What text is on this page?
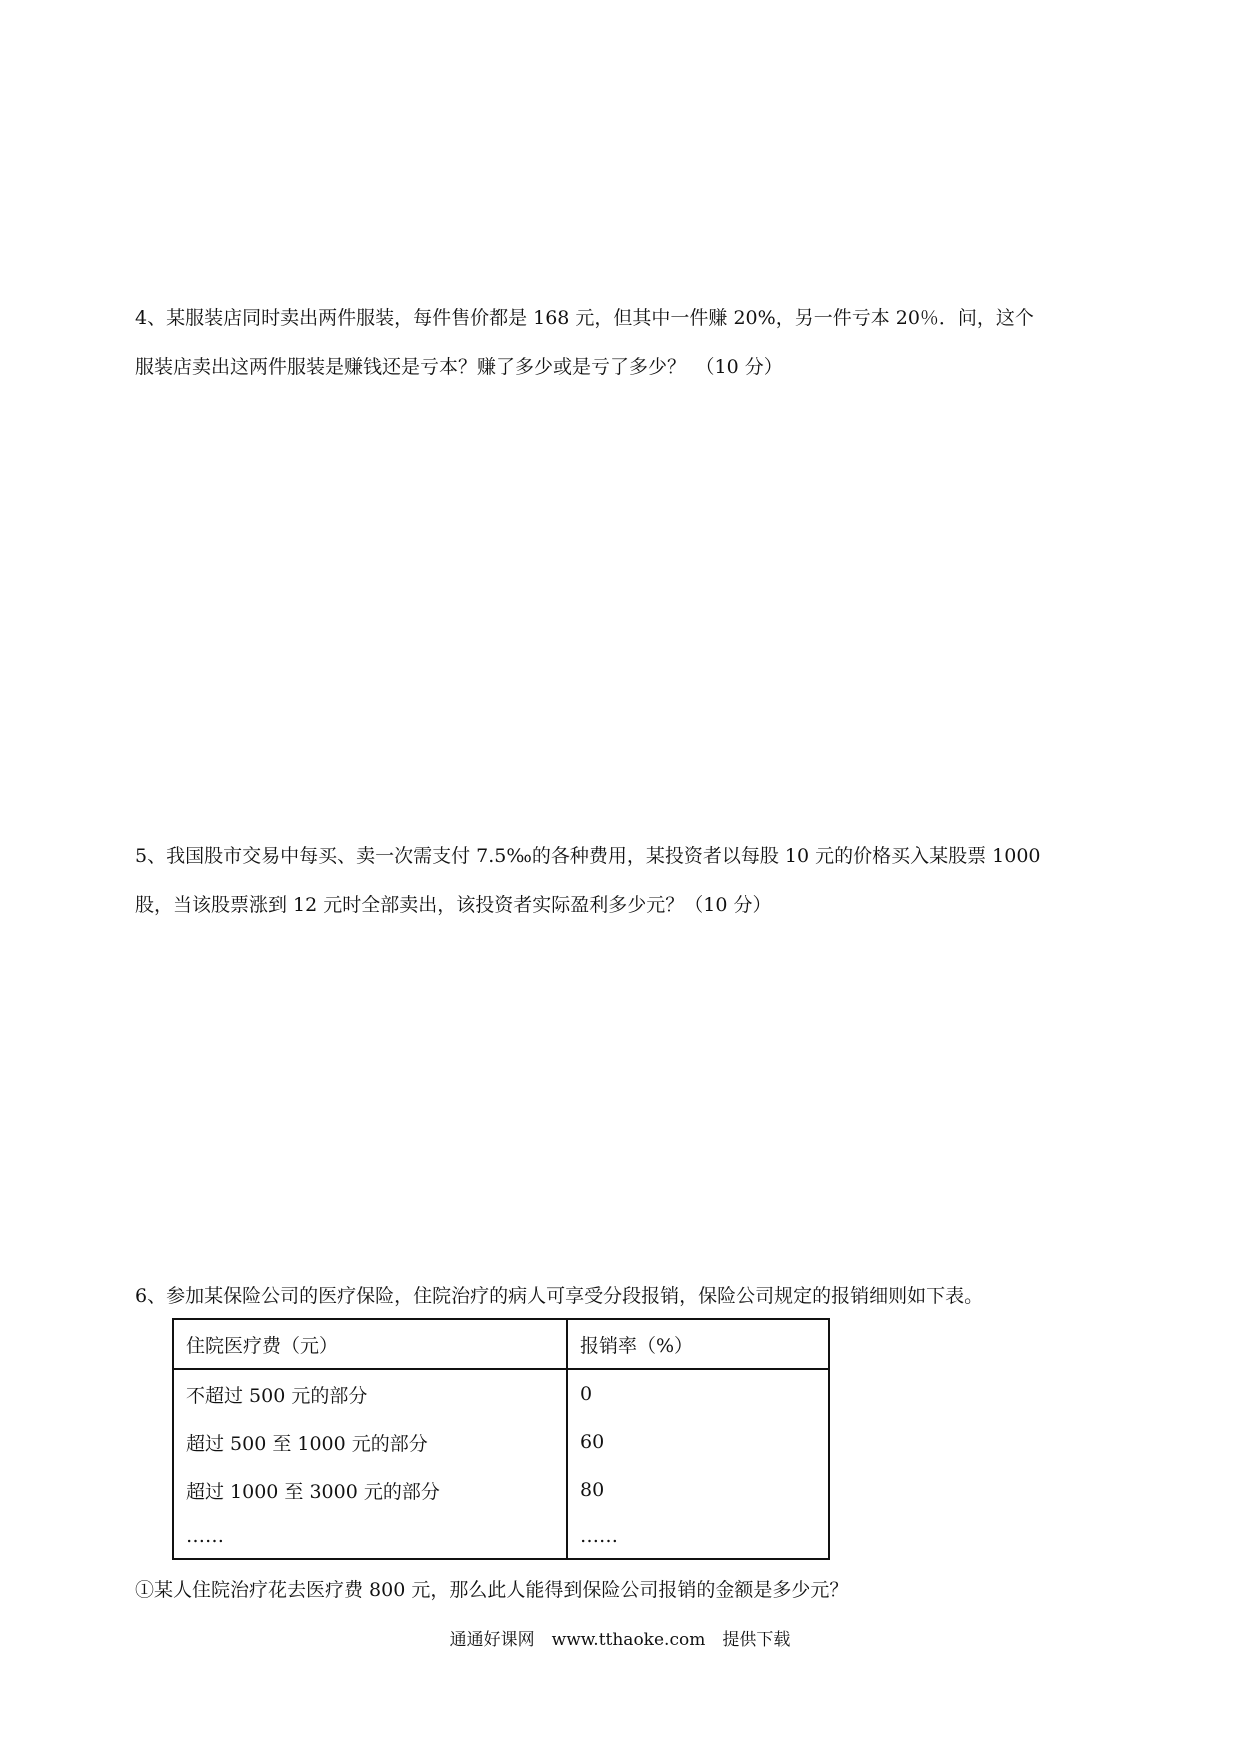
4、某服装店同时卖出两件服装，每件售价都是 168 元，但其中一件赚 20%，另一件亏本 20％．问，这个

服装店卖出这两件服装是赚钱还是亏本？赚了多少或是亏了多少？　（10 分）

5、我国股市交易中每买、卖一次需支付 7.5‰的各种费用，某投资者以每股 10 元的价格买入某股票 1000

股，当该股票涨到 12 元时全部卖出，该投资者实际盈利多少元？（10 分）

6、参加某保险公司的医疗保险，住院治疗的病人可享受分段报销，保险公司规定的报销细则如下表。

住院医疗费（元）	报销率（%）
不超过 500 元的部分	0
超过 500 至 1000 元的部分	60
超过 1000 至 3000 元的部分	80
……	……

①某人住院治疗花去医疗费 800 元，那么此人能得到保险公司报销的金额是多少元？

通通好课网　www.tthaoke.com　提供下载
